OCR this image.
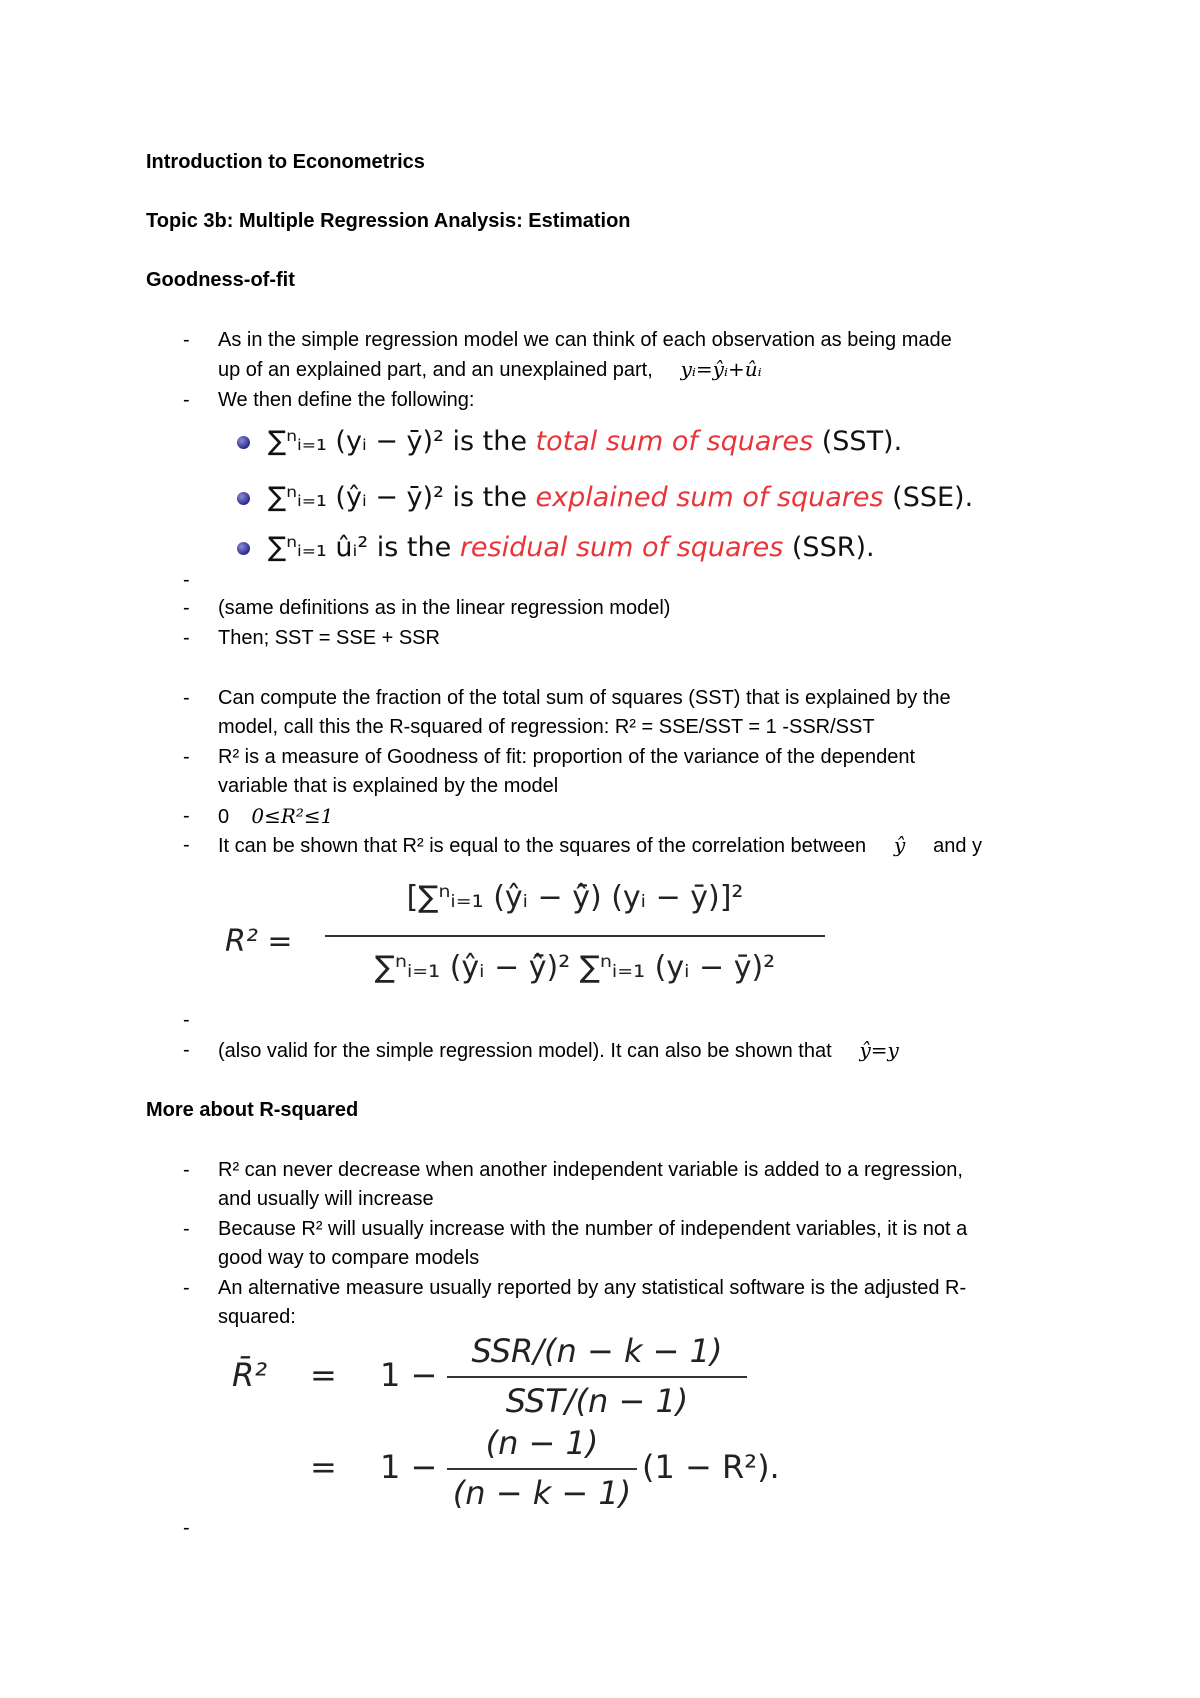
Introduction to Econometrics
Topic 3b: Multiple Regression Analysis: Estimation
Goodness-of-fit
- As in the simple regression model we can think of each observation as being made
up of an explained part, and an unexplained part, yᵢ=ŷᵢ+ûᵢ
- We then define the following:
∑ⁿᵢ₌₁ (yᵢ − ȳ)² is the total sum of squares (SST).
∑ⁿᵢ₌₁ (ŷᵢ − ȳ)² is the explained sum of squares (SSE).
∑ⁿᵢ₌₁ ûᵢ² is the residual sum of squares (SSR).
-
- (same definitions as in the linear regression model)
- Then; SST = SSE + SSR
- Can compute the fraction of the total sum of squares (SST) that is explained by the
model, call this the R-squared of regression: R² = SSE/SST = 1 -SSR/SST
- R² is a measure of Goodness of fit: proportion of the variance of the dependent
variable that is explained by the model
- 0 0≤R²≤1
- It can be shown that R² is equal to the squares of the correlation between ŷ and y
R² =
[∑ⁿᵢ₌₁ (ŷᵢ − ŷ̄) (yᵢ − ȳ)]²
∑ⁿᵢ₌₁ (ŷᵢ − ŷ̄)² ∑ⁿᵢ₌₁ (yᵢ − ȳ)²
-
- (also valid for the simple regression model). It can also be shown that ŷ=y
More about R-squared
- R² can never decrease when another independent variable is added to a regression,
and usually will increase
- Because R² will usually increase with the number of independent variables, it is not a
good way to compare models
- An alternative measure usually reported by any statistical software is the adjusted R-
squared:
R̄² = 1 −
SSR/(n − k − 1)
SST/(n − 1)
= 1 −
(n − 1)
(n − k − 1)
(1 − R²).
-
